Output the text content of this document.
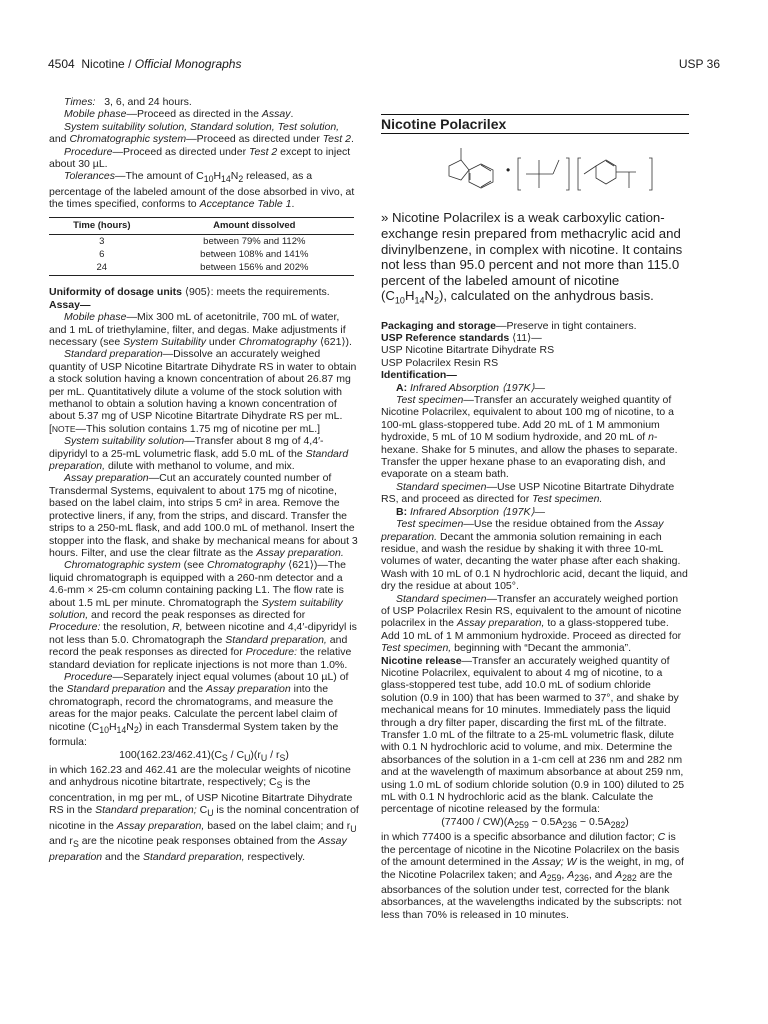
4504 Nicotine / Official Monographs	USP 36

Times: 3, 6, and 24 hours.

Mobile phase—Proceed as directed in the Assay.

System suitability solution, Standard solution, Test solution, and Chromatographic system—Proceed as directed under Test 2.

Procedure—Proceed as directed under Test 2 except to inject about 30 µL.

Tolerances—The amount of $C_{10}H_{14}N_2$ released, as a percentage of the labeled amount of the dose absorbed in vivo, at the times specified, conforms to Acceptance Table 1.

Time (hours)	Amount dissolved
3	between 79% and 112%
6	between 108% and 141%
24	between 156% and 202%

Uniformity of dosage units ⟨905⟩: meets the requirements.

Assay—

Mobile phase—Mix 300 mL of acetonitrile, 700 mL of water, and 1 mL of triethylamine, filter, and degas. Make adjustments if necessary (see System Suitability under Chromatography ⟨621⟩).

Standard preparation—Dissolve an accurately weighed quantity of USP Nicotine Bitartrate Dihydrate RS in water to obtain a stock solution having a known concentration of about 26.87 mg per mL. Quantitatively dilute a volume of the stock solution with methanol to obtain a solution having a known concentration of about 5.37 mg of USP Nicotine Bitartrate Dihydrate RS per mL. [NOTE—This solution contains 1.75 mg of nicotine per mL.]

System suitability solution—Transfer about 8 mg of 4,4′-dipyridyl to a 25-mL volumetric flask, add 5.0 mL of the Standard preparation, dilute with methanol to volume, and mix.

Assay preparation—Cut an accurately counted number of Transdermal Systems, equivalent to about 175 mg of nicotine, based on the label claim, into strips 5 cm² in area. Remove the protective liners, if any, from the strips, and discard. Transfer the strips to a 250-mL flask, and add 100.0 mL of methanol. Insert the stopper into the flask, and shake by mechanical means for about 3 hours. Filter, and use the clear filtrate as the Assay preparation.

Chromatographic system (see Chromatography ⟨621⟩)—The liquid chromatograph is equipped with a 260-nm detector and a 4.6-mm × 25-cm column containing packing L1. The flow rate is about 1.5 mL per minute. Chromatograph the System suitability solution, and record the peak responses as directed for Procedure: the resolution, R, between nicotine and 4,4′-dipyridyl is not less than 5.0. Chromatograph the Standard preparation, and record the peak responses as directed for Procedure: the relative standard deviation for replicate injections is not more than 1.0%.

Procedure—Separately inject equal volumes (about 10 µL) of the Standard preparation and the Assay preparation into the chromatograph, record the chromatograms, and measure the areas for the major peaks. Calculate the percent label claim of nicotine $(C_{10}H_{14}N_2)$ in each Transdermal System taken by the formula:

$100(162.23/462.41)(C_S / C_U)(r_U / r_S)$

in which 162.23 and 462.41 are the molecular weights of nicotine and anhydrous nicotine bitartrate, respectively; $C_S$ is the concentration, in mg per mL, of USP Nicotine Bitartrate Dihydrate RS in the Standard preparation; $C_U$ is the nominal concentration of nicotine in the Assay preparation, based on the label claim; and $r_U$ and $r_S$ are the nicotine peak responses obtained from the Assay preparation and the Standard preparation, respectively.

Nicotine Polacrilex
•

» Nicotine Polacrilex is a weak carboxylic cation-exchange resin prepared from methacrylic acid and divinylbenzene, in complex with nicotine. It contains not less than 95.0 percent and not more than 115.0 percent of the labeled amount of nicotine $(C_{10}H_{14}N_2)$, calculated on the anhydrous basis.

Packaging and storage—Preserve in tight containers.

USP Reference standards ⟨11⟩—

USP Nicotine Bitartrate Dihydrate RS

USP Polacrilex Resin RS

Identification—

A: Infrared Absorption ⟨197K⟩—

Test specimen—Transfer an accurately weighed quantity of Nicotine Polacrilex, equivalent to about 100 mg of nicotine, to a 100-mL glass-stoppered tube. Add 20 mL of 1 M ammonium hydroxide, 5 mL of 10 M sodium hydroxide, and 20 mL of n-hexane. Shake for 5 minutes, and allow the phases to separate. Transfer the upper hexane phase to an evaporating dish, and evaporate on a steam bath.

Standard specimen—Use USP Nicotine Bitartrate Dihydrate RS, and proceed as directed for Test specimen.

B: Infrared Absorption ⟨197K⟩—

Test specimen—Use the residue obtained from the Assay preparation. Decant the ammonia solution remaining in each residue, and wash the residue by shaking it with three 10-mL volumes of water, decanting the water phase after each shaking. Wash with 10 mL of 0.1 N hydrochloric acid, decant the liquid, and dry the residue at about 105°.

Standard specimen—Transfer an accurately weighed portion of USP Polacrilex Resin RS, equivalent to the amount of nicotine polacrilex in the Assay preparation, to a glass-stoppered tube. Add 10 mL of 1 M ammonium hydroxide. Proceed as directed for Test specimen, beginning with “Decant the ammonia”.

Nicotine release—Transfer an accurately weighed quantity of Nicotine Polacrilex, equivalent to about 4 mg of nicotine, to a glass-stoppered test tube, add 10.0 mL of sodium chloride solution (0.9 in 100) that has been warmed to 37°, and shake by mechanical means for 10 minutes. Immediately pass the liquid through a dry filter paper, discarding the first mL of the filtrate. Transfer 1.0 mL of the filtrate to a 25-mL volumetric flask, dilute with 0.1 N hydrochloric acid to volume, and mix. Determine the absorbances of the solution in a 1-cm cell at 236 nm and 282 nm and at the wavelength of maximum absorbance at about 259 nm, using 1.0 mL of sodium chloride solution (0.9 in 100) diluted to 25 mL with 0.1 N hydrochloric acid as the blank. Calculate the percentage of nicotine released by the formula:

$(77400 / CW)(A_{259} - 0.5A_{236} - 0.5A_{282})$

in which 77400 is a specific absorbance and dilution factor; C is the percentage of nicotine in the Nicotine Polacrilex on the basis of the amount determined in the Assay; W is the weight, in mg, of the Nicotine Polacrilex taken; and $A_{259}$, $A_{236}$, and $A_{282}$ are the absorbances of the solution under test, corrected for the blank absorbances, at the wavelengths indicated by the subscripts: not less than 70% is released in 10 minutes.
